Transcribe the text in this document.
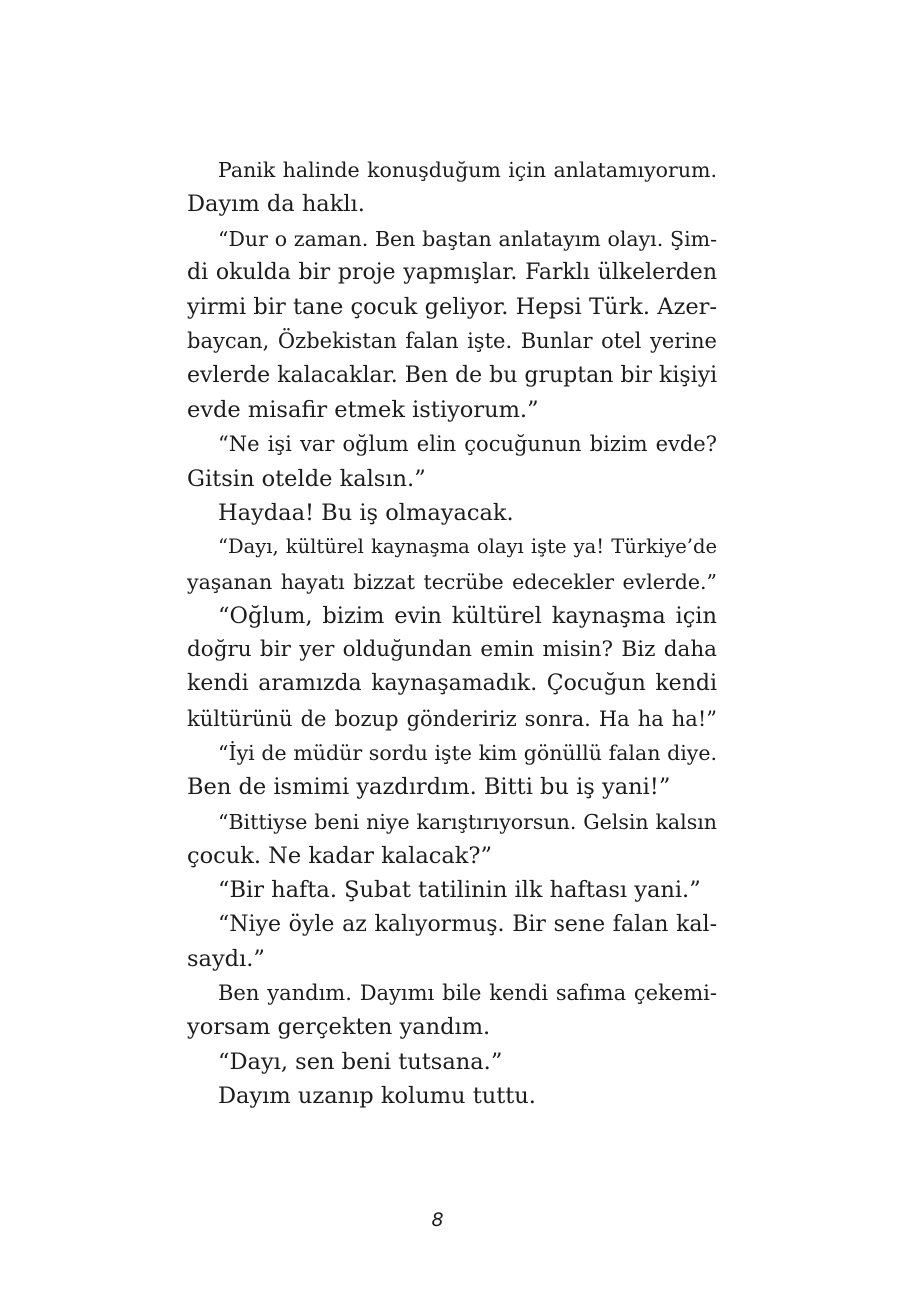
Panik halinde konuşduğum için anlatamıyorum.
Dayım da haklı.
“Dur o zaman. Ben baştan anlatayım olayı. Şim-
di okulda bir proje yapmışlar. Farklı ülkelerden
yirmi bir tane çocuk geliyor. Hepsi Türk. Azer-
baycan, Özbekistan falan işte. Bunlar otel yerine
evlerde kalacaklar. Ben de bu gruptan bir kişiyi
evde misafir etmek istiyorum.”
“Ne işi var oğlum elin çocuğunun bizim evde?
Gitsin otelde kalsın.”
Haydaa! Bu iş olmayacak.
“Dayı, kültürel kaynaşma olayı işte ya! Türkiye’de
yaşanan hayatı bizzat tecrübe edecekler evlerde.”
“Oğlum, bizim evin kültürel kaynaşma için
doğru bir yer olduğundan emin misin? Biz daha
kendi aramızda kaynaşamadık. Çocuğun kendi
kültürünü de bozup göndeririz sonra. Ha ha ha!”
“İyi de müdür sordu işte kim gönüllü falan diye.
Ben de ismimi yazdırdım. Bitti bu iş yani!”
“Bittiyse beni niye karıştırıyorsun. Gelsin kalsın
çocuk. Ne kadar kalacak?”
“Bir hafta. Şubat tatilinin ilk haftası yani.”
“Niye öyle az kalıyormuş. Bir sene falan kal-
saydı.”
Ben yandım. Dayımı bile kendi safıma çekemi-
yorsam gerçekten yandım.
“Dayı, sen beni tutsana.”
Dayım uzanıp kolumu tuttu.
8
